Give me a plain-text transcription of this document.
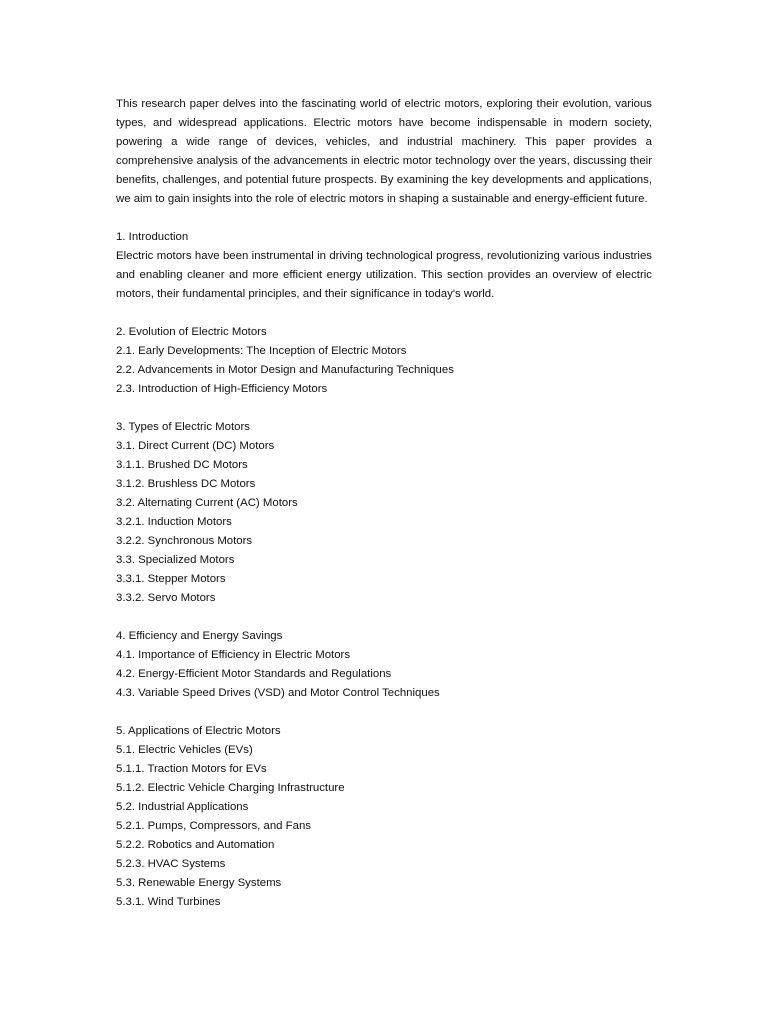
This research paper delves into the fascinating world of electric motors, exploring their evolution, various types, and widespread applications. Electric motors have become indispensable in modern society, powering a wide range of devices, vehicles, and industrial machinery. This paper provides a comprehensive analysis of the advancements in electric motor technology over the years, discussing their benefits, challenges, and potential future prospects. By examining the key developments and applications, we aim to gain insights into the role of electric motors in shaping a sustainable and energy-efficient future.

1. Introduction

Electric motors have been instrumental in driving technological progress, revolutionizing various industries and enabling cleaner and more efficient energy utilization. This section provides an overview of electric motors, their fundamental principles, and their significance in today's world.

2. Evolution of Electric Motors

2.1. Early Developments: The Inception of Electric Motors

2.2. Advancements in Motor Design and Manufacturing Techniques

2.3. Introduction of High-Efficiency Motors

3. Types of Electric Motors

3.1. Direct Current (DC) Motors

3.1.1. Brushed DC Motors

3.1.2. Brushless DC Motors

3.2. Alternating Current (AC) Motors

3.2.1. Induction Motors

3.2.2. Synchronous Motors

3.3. Specialized Motors

3.3.1. Stepper Motors

3.3.2. Servo Motors

4. Efficiency and Energy Savings

4.1. Importance of Efficiency in Electric Motors

4.2. Energy-Efficient Motor Standards and Regulations

4.3. Variable Speed Drives (VSD) and Motor Control Techniques

5. Applications of Electric Motors

5.1. Electric Vehicles (EVs)

5.1.1. Traction Motors for EVs

5.1.2. Electric Vehicle Charging Infrastructure

5.2. Industrial Applications

5.2.1. Pumps, Compressors, and Fans

5.2.2. Robotics and Automation

5.2.3. HVAC Systems

5.3. Renewable Energy Systems

5.3.1. Wind Turbines
